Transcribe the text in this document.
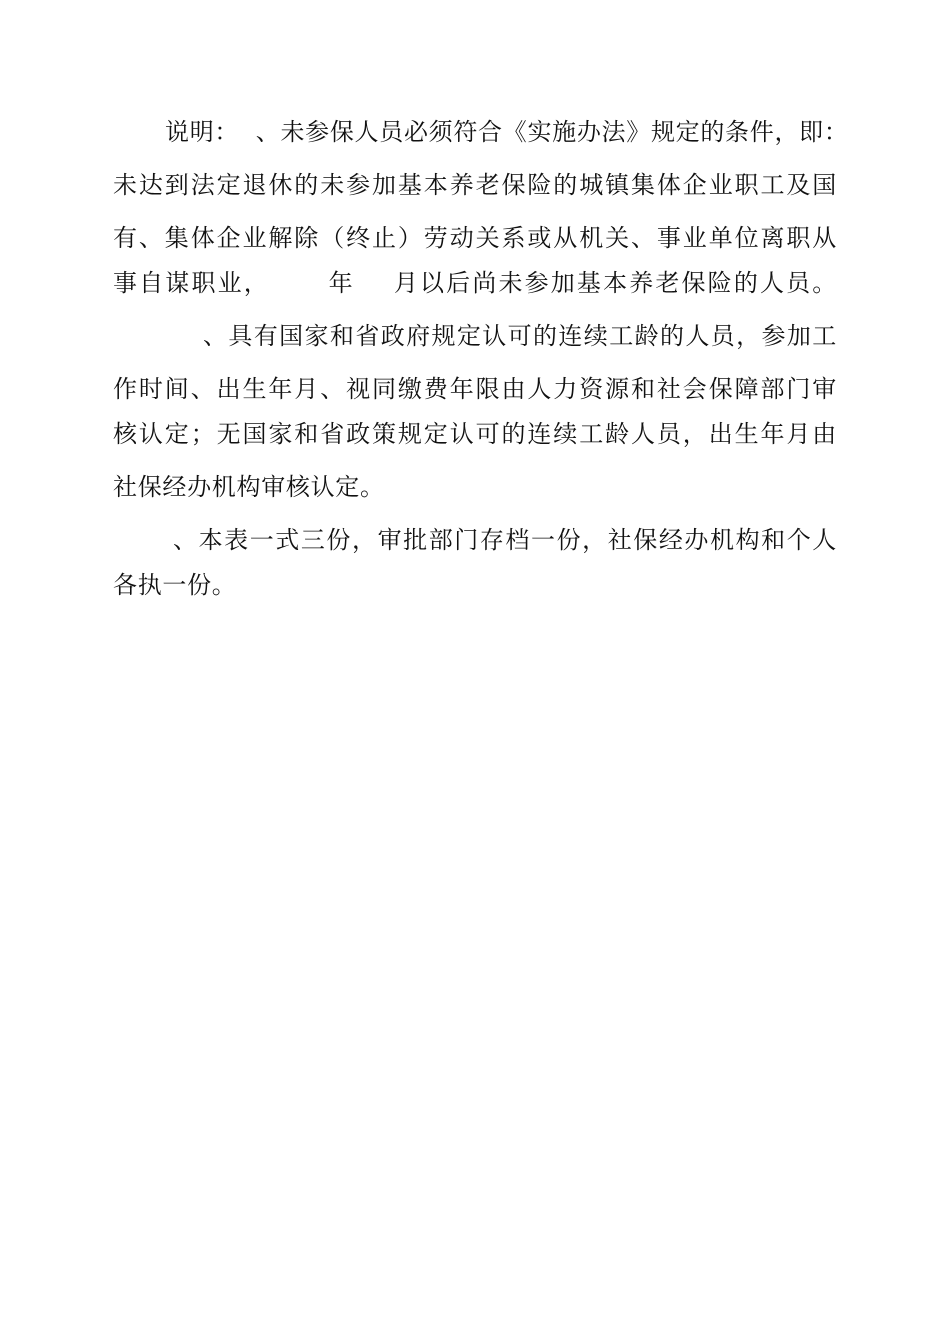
说明：  、未参保人员必须符合《实施办法》规定的条件，即：

未达到法定退休的未参加基本养老保险的城镇集体企业职工及国

有、集体企业解除（终止）劳动关系或从机关、事业单位离职从

事自谋职业，      年    月以后尚未参加基本养老保险的人员。

、具有国家和省政府规定认可的连续工龄的人员，参加工

作时间、出生年月、视同缴费年限由人力资源和社会保障部门审

核认定；无国家和省政策规定认可的连续工龄人员，出生年月由

社保经办机构审核认定。

、本表一式三份，审批部门存档一份，社保经办机构和个人

各执一份。
